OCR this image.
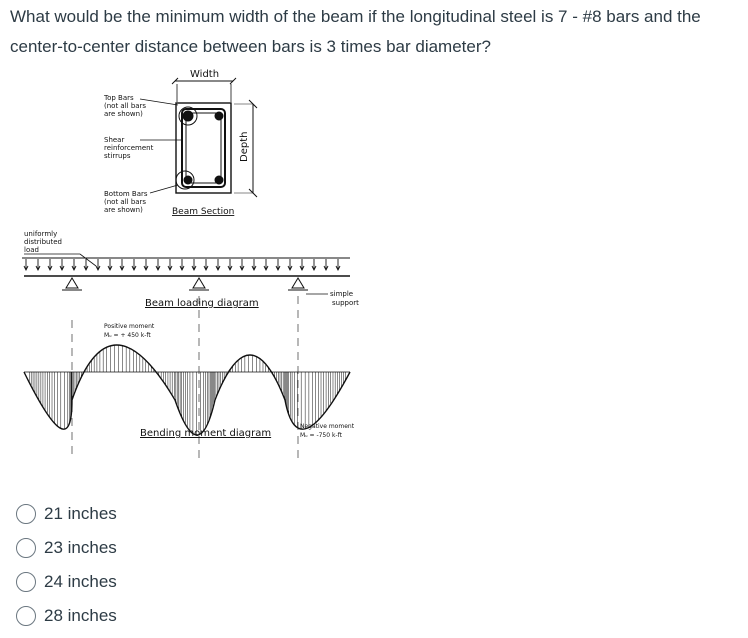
What would be the minimum width of the beam if the longitudinal steel is 7 - #8 bars and the center-to-center distance between bars is 3 times bar diameter?
Width
Depth
Top Bars (not all bars are shown)
Shear reinforcement stirrups
Bottom Bars (not all bars are shown)	Beam Section
uniformly distributed load
Beam loading diagram
simple support
Positive moment Mᵤ = + 450 k-ft
Bending moment diagram
Negative moment Mᵤ = -750 k-ft
21 inches
23 inches
24 inches
28 inches
